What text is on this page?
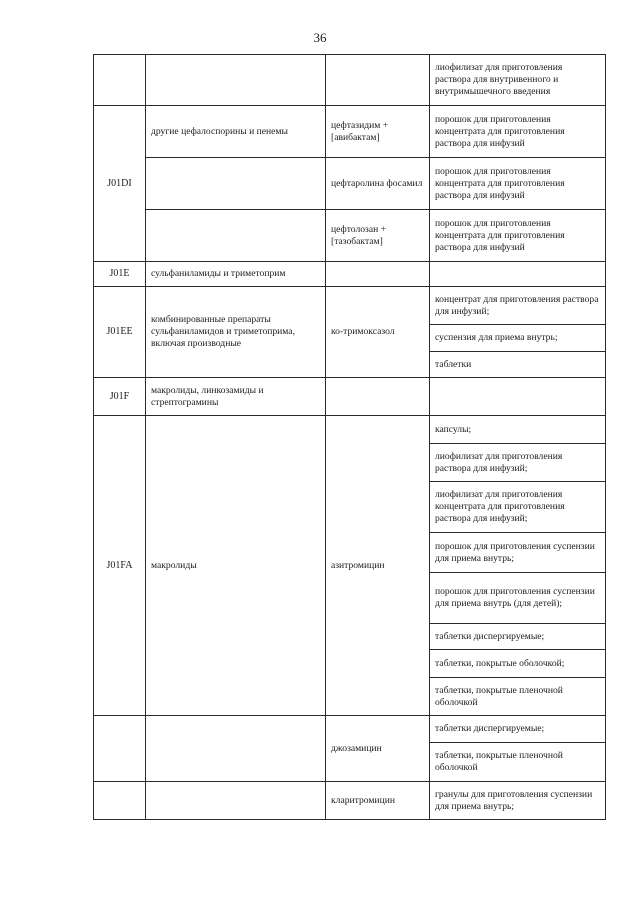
36
			лиофилизат для приготовления раствора для внутривенного и внутримышечного введения
J01DI	другие цефалоспорины и пенемы	цефтазидим + [авибактам]	порошок для приготовления концентрата для приготовления раствора для инфузий
		цефтаролина фосамил	порошок для приготовления концентрата для приготовления раствора для инфузий
		цефтолозан + [тазобактам]	порошок для приготовления концентрата для приготовления раствора для инфузий
J01E	сульфаниламиды и триметоприм		
J01EE	комбинированные препараты сульфаниламидов и триметоприма, включая производные	ко-тримоксазол	концентрат для приготовления раствора для инфузий;
			суспензия для приема внутрь;
			таблетки
J01F	макролиды, линкозамиды и стрептограмины		
J01FA	макролиды	азитромицин	капсулы;
			лиофилизат для приготовления раствора для инфузий;
			лиофилизат для приготовления концентрата для приготовления раствора для инфузий;
			порошок для приготовления суспензии для приема внутрь;
			порошок для приготовления суспензии для приема внутрь (для детей);
			таблетки диспергируемые;
			таблетки, покрытые оболочкой;
			таблетки, покрытые пленочной оболочкой
		джозамицин	таблетки диспергируемые;
			таблетки, покрытые пленочной оболочкой
		кларитромицин	гранулы для приготовления суспензии для приема внутрь;
